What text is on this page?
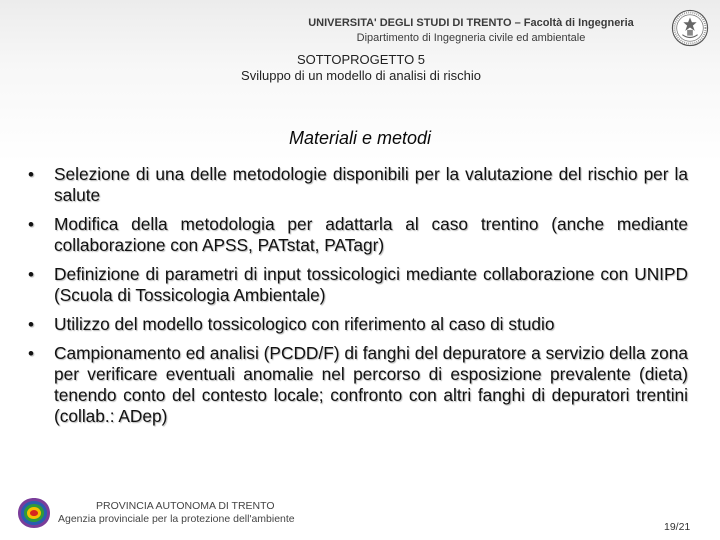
UNIVERSITA' DEGLI STUDI DI TRENTO – Facoltà di Ingegneria
Dipartimento di Ingegneria civile ed ambientale
SOTTOPROGETTO 5
Sviluppo di un modello di analisi di rischio
Materiali e metodi
• Selezione di una delle metodologie disponibili per la valutazione del rischio per la salute
• Modifica della metodologia per adattarla al caso trentino (anche mediante collaborazione con APSS, PATstat, PATagr)
• Definizione di parametri di input tossicologici mediante collaborazione con UNIPD (Scuola di Tossicologia Ambientale)
• Utilizzo del modello tossicologico con riferimento al caso di studio
• Campionamento ed analisi (PCDD/F) di fanghi del depuratore a servizio della zona per verificare eventuali anomalie nel percorso di esposizione prevalente (dieta) tenendo conto del contesto locale; confronto con altri fanghi di depuratori trentini (collab.: ADep)
PROVINCIA AUTONOMA DI TRENTO
Agenzia provinciale per la protezione dell'ambiente
19/21
